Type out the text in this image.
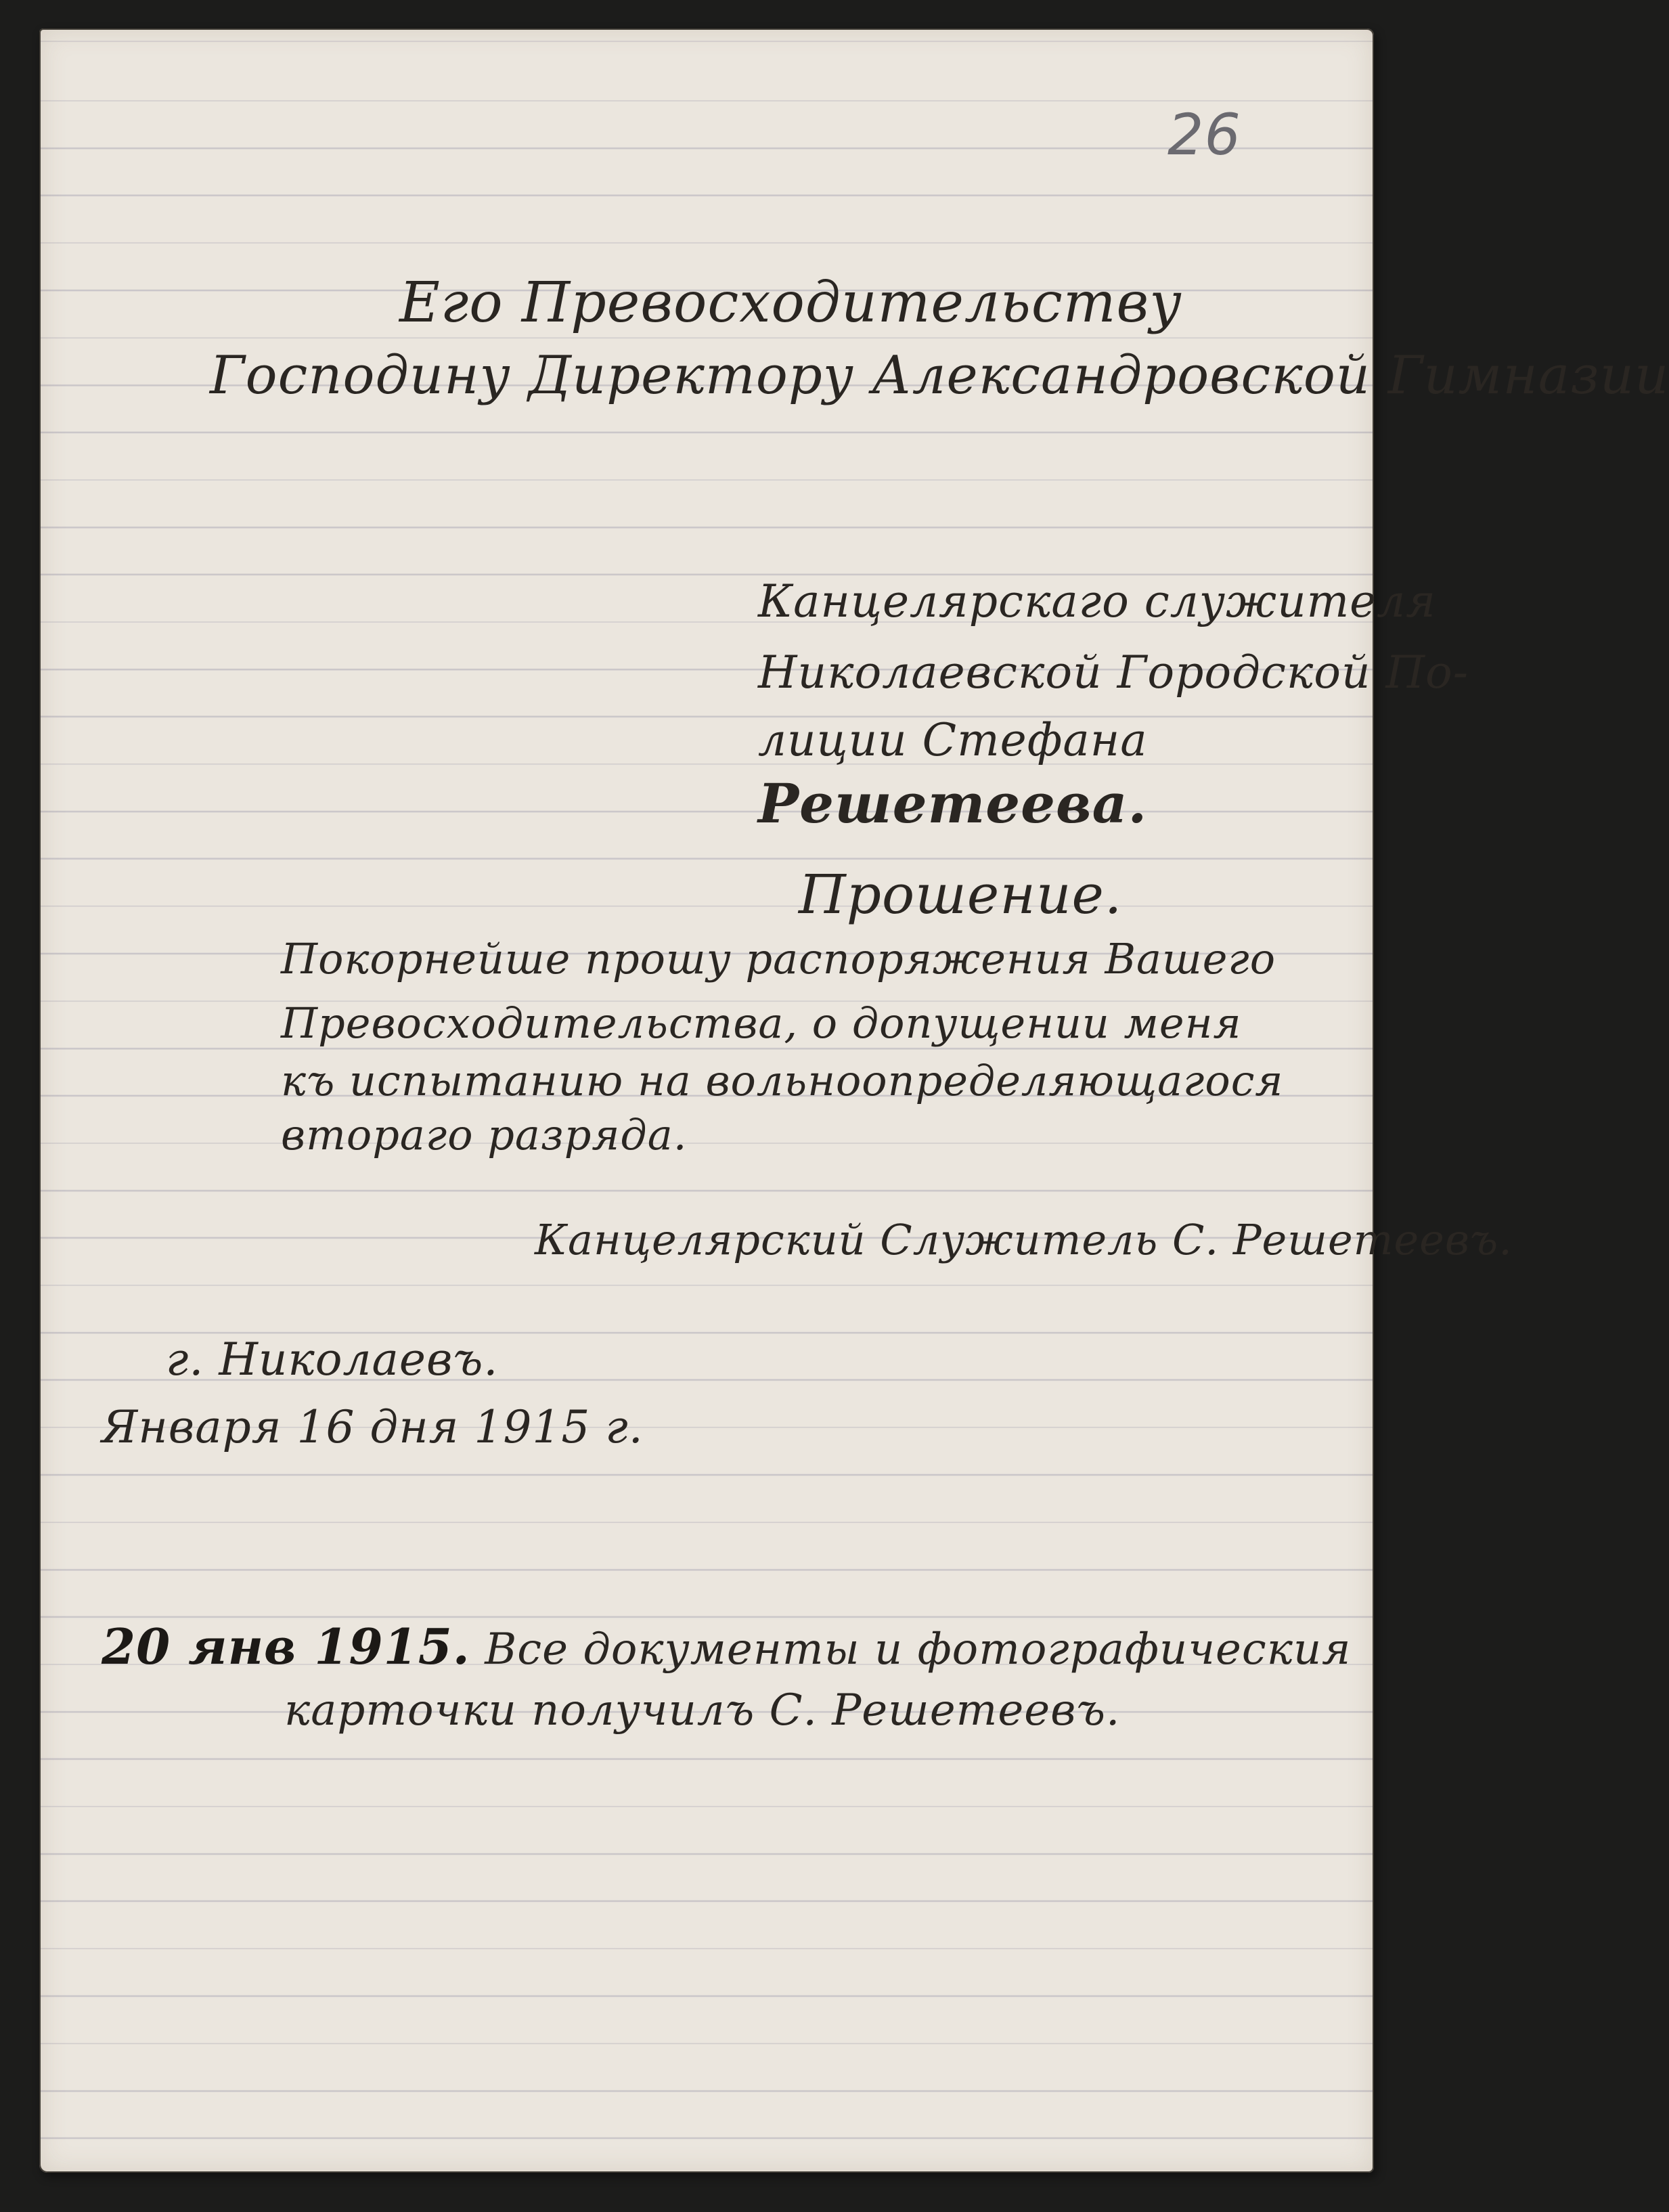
26
Его Превосходительству
Господину Директору Александровской Гимназии
Канцелярскаго служителя
Николаевской Городской По-
лиции Стефана
Решетеева.
Прошение.
Покорнейше прошу распоряжения Вашего
Превосходительства, о допущении меня
къ испытанию на вольноопределяющагося
втораго разряда.
Канцелярский Служитель С. Решетеевъ.
г. Николаевъ.
Января 16 дня 1915 г.
20 янв 1915. Все документы и фотографическия
карточки получилъ С. Решетеевъ.
